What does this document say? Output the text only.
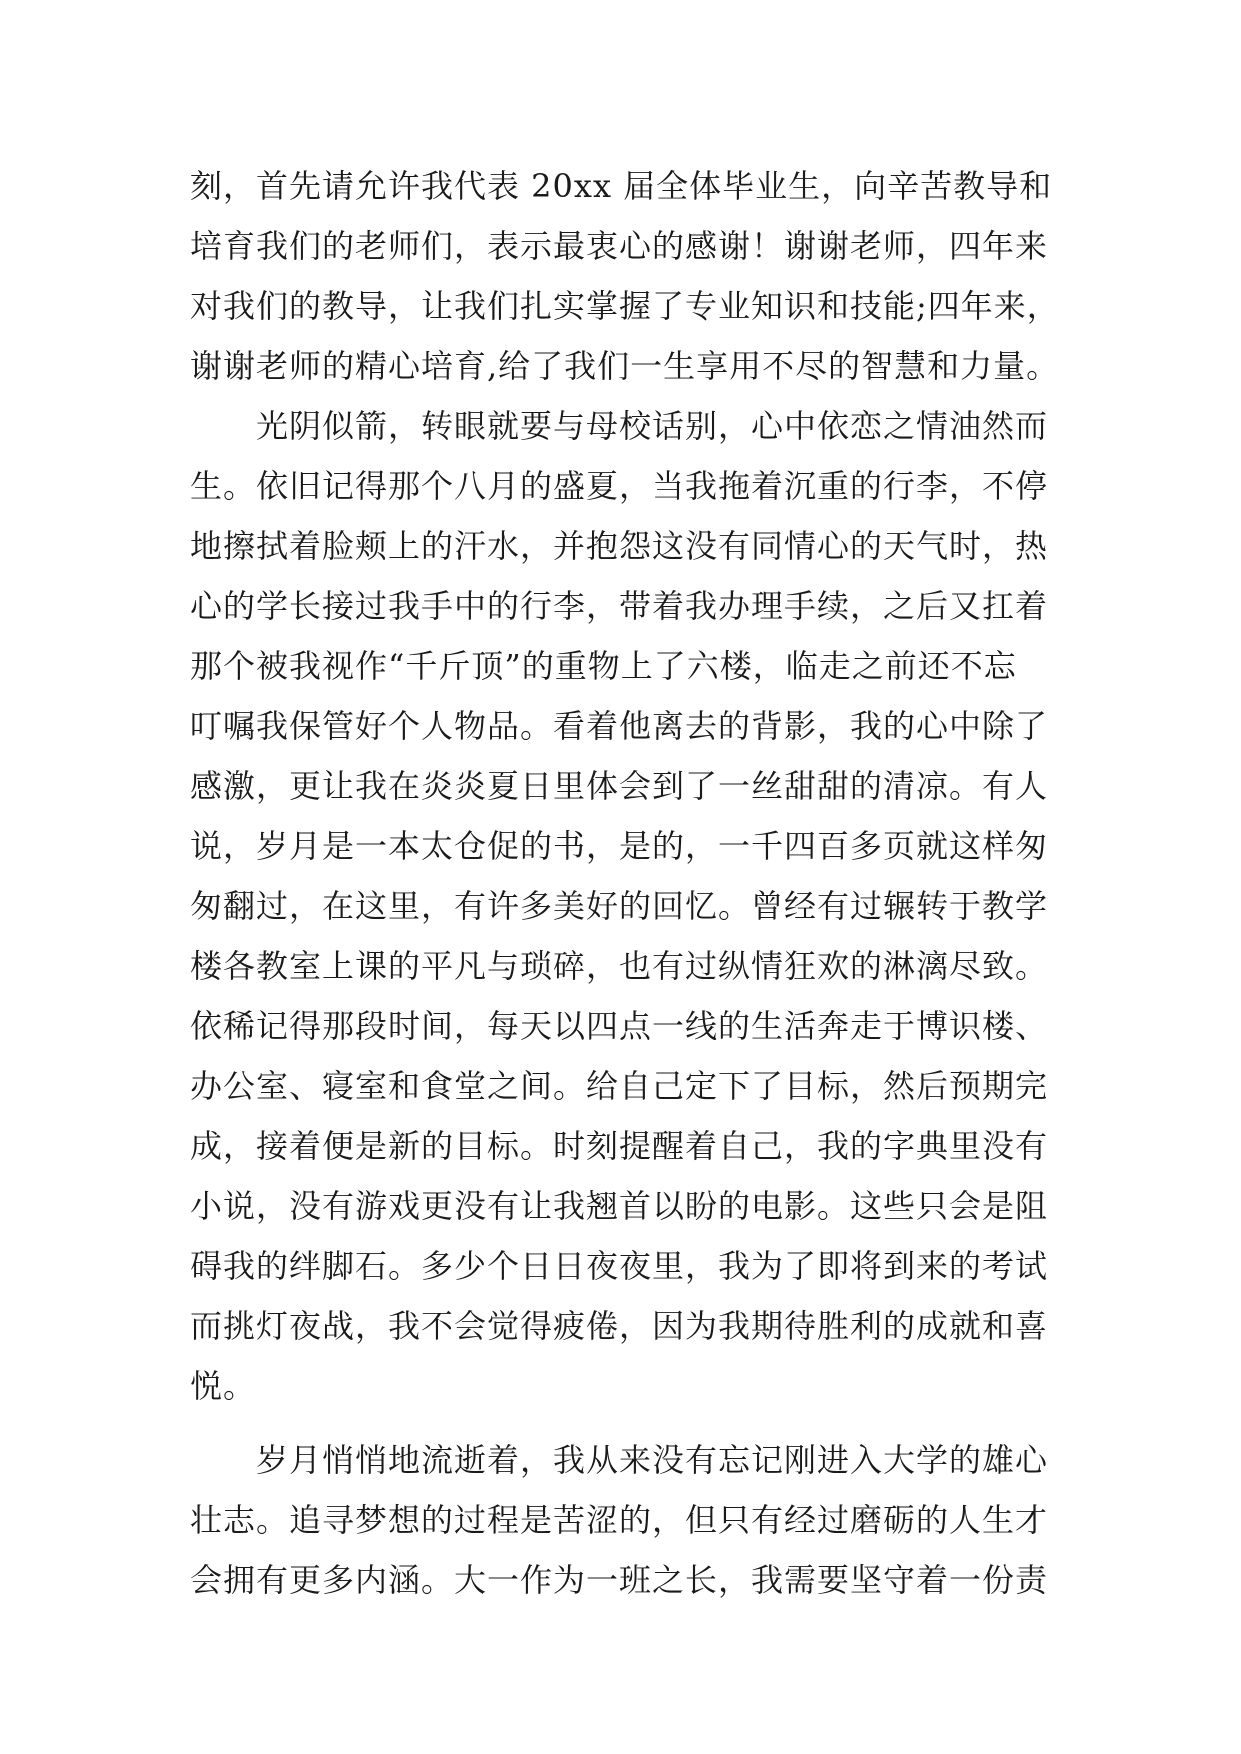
刻，首先请允许我代表 20xx 届全体毕业生，向辛苦教导和
培育我们的老师们，表示最衷心的感谢！谢谢老师，四年来
对我们的教导，让我们扎实掌握了专业知识和技能;四年来，
谢谢老师的精心培育,给了我们一生享用不尽的智慧和力量。
　　光阴似箭，转眼就要与母校话别，心中依恋之情油然而
生。依旧记得那个八月的盛夏，当我拖着沉重的行李，不停
地擦拭着脸颊上的汗水，并抱怨这没有同情心的天气时，热
心的学长接过我手中的行李，带着我办理手续，之后又扛着
那个被我视作“千斤顶”的重物上了六楼，临走之前还不忘
叮嘱我保管好个人物品。看着他离去的背影，我的心中除了
感激，更让我在炎炎夏日里体会到了一丝甜甜的清凉。有人
说，岁月是一本太仓促的书，是的，一千四百多页就这样匆
匆翻过，在这里，有许多美好的回忆。曾经有过辗转于教学
楼各教室上课的平凡与琐碎，也有过纵情狂欢的淋漓尽致。
依稀记得那段时间，每天以四点一线的生活奔走于博识楼、
办公室、寝室和食堂之间。给自己定下了目标，然后预期完
成，接着便是新的目标。时刻提醒着自己，我的字典里没有
小说，没有游戏更没有让我翘首以盼的电影。这些只会是阻
碍我的绊脚石。多少个日日夜夜里，我为了即将到来的考试
而挑灯夜战，我不会觉得疲倦，因为我期待胜利的成就和喜
悦。
　　岁月悄悄地流逝着，我从来没有忘记刚进入大学的雄心
壮志。追寻梦想的过程是苦涩的，但只有经过磨砺的人生才
会拥有更多内涵。大一作为一班之长，我需要坚守着一份责
